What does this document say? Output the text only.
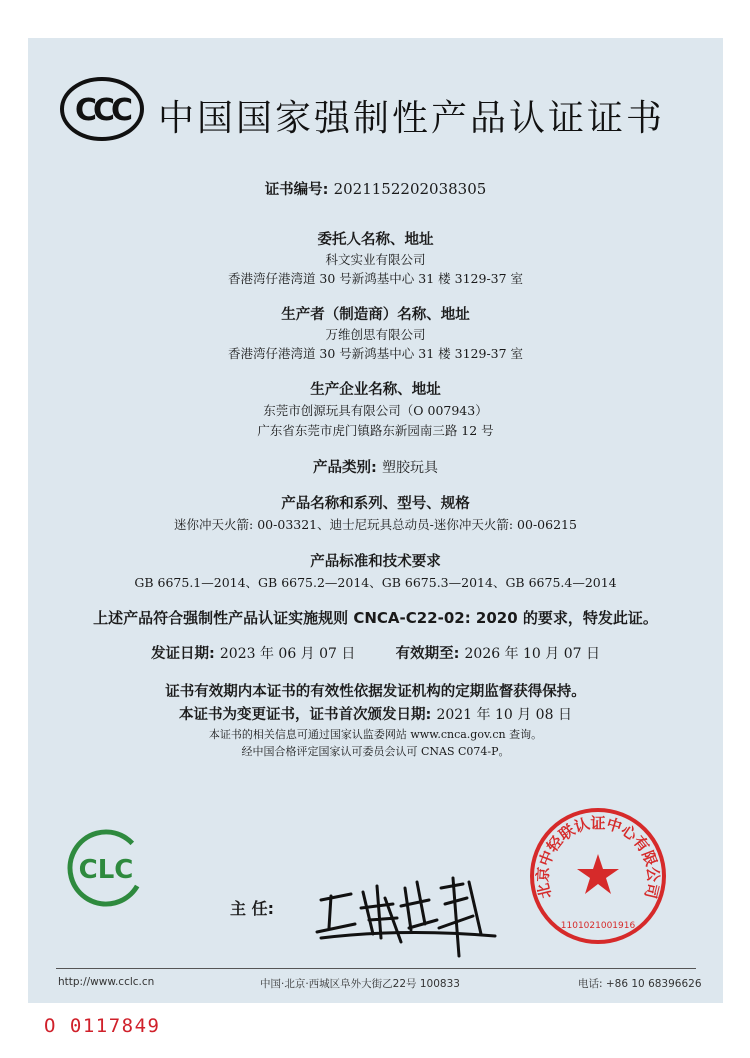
CCC 中国国家强制性产品认证证书
证书编号: 2021152202038305
委托人名称、地址
科文实业有限公司
香港湾仔港湾道 30 号新鸿基中心 31 楼 3129-37 室
生产者（制造商）名称、地址
万维创思有限公司
香港湾仔港湾道 30 号新鸿基中心 31 楼 3129-37 室
生产企业名称、地址
东莞市创源玩具有限公司（O 007943）
广东省东莞市虎门镇路东新园南三路 12 号
产品类别: 塑胶玩具
产品名称和系列、型号、规格
迷你冲天火箭: 00-03321、迪士尼玩具总动员-迷你冲天火箭: 00-06215
产品标准和技术要求
GB 6675.1—2014、GB 6675.2—2014、GB 6675.3—2014、GB 6675.4—2014
上述产品符合强制性产品认证实施规则 CNCA-C22-02: 2020 的要求，特发此证。
发证日期: 2023 年 06 月 07 日	有效期至: 2026 年 10 月 07 日
证书有效期内本证书的有效性依据发证机构的定期监督获得保持。
本证书为变更证书，证书首次颁发日期: 2021 年 10 月 08 日
本证书的相关信息可通过国家认监委网站 www.cnca.gov.cn 查询。
经中国合格评定国家认可委员会认可 CNAS C074-P。
CLC
主 任:
北京中轻联认证中心有限公司
1101021001916
http://www.cclc.cn	中国·北京·西城区阜外大街乙22号 100833	电话: +86 10 68396626
O 0117849
